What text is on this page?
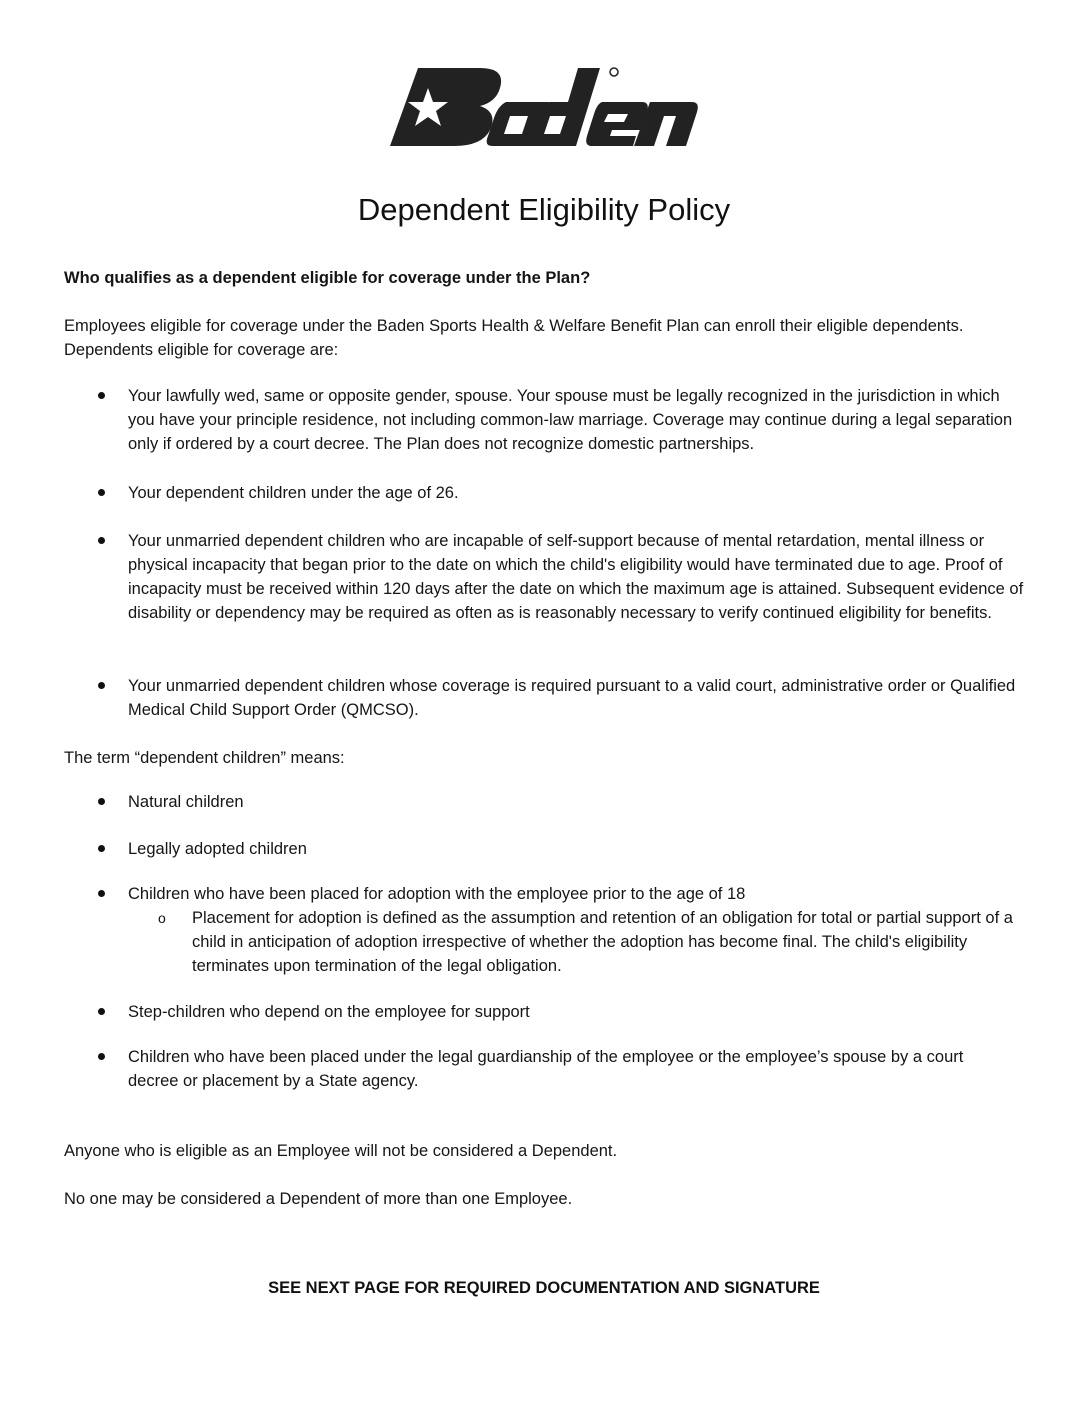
Dependent Eligibility Policy
Who qualifies as a dependent eligible for coverage under the Plan?
Employees eligible for coverage under the Baden Sports Health & Welfare Benefit Plan can enroll their eligible dependents. Dependents eligible for coverage are:
Your lawfully wed, same or opposite gender, spouse. Your spouse must be legally recognized in the jurisdiction in which you have your principle residence, not including common-law marriage. Coverage may continue during a legal separation only if ordered by a court decree. The Plan does not recognize domestic partnerships.
Your dependent children under the age of 26.
Your unmarried dependent children who are incapable of self-support because of mental retardation, mental illness or physical incapacity that began prior to the date on which the child's eligibility would have terminated due to age. Proof of incapacity must be received within 120 days after the date on which the maximum age is attained. Subsequent evidence of disability or dependency may be required as often as is reasonably necessary to verify continued eligibility for benefits.
Your unmarried dependent children whose coverage is required pursuant to a valid court, administrative order or Qualified Medical Child Support Order (QMCSO).
The term “dependent children” means:
Natural children
Legally adopted children
Children who have been placed for adoption with the employee prior to the age of 18
o Placement for adoption is defined as the assumption and retention of an obligation for total or partial support of a child in anticipation of adoption irrespective of whether the adoption has become final. The child's eligibility terminates upon termination of the legal obligation.
Step-children who depend on the employee for support
Children who have been placed under the legal guardianship of the employee or the employee’s spouse by a court decree or placement by a State agency.
Anyone who is eligible as an Employee will not be considered a Dependent.
No one may be considered a Dependent of more than one Employee.
SEE NEXT PAGE FOR REQUIRED DOCUMENTATION AND SIGNATURE
